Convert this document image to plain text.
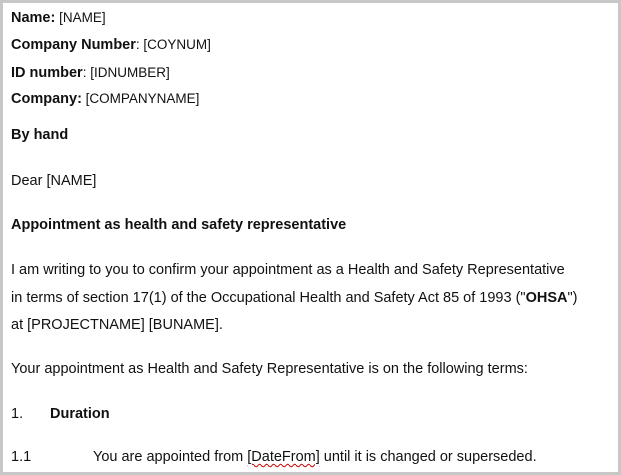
Name: [NAME]
Company Number: [COYNUM]
ID number: [IDNUMBER]
Company: [COMPANYNAME]
By hand
Dear [NAME]
Appointment as health and safety representative
I am writing to you to confirm your appointment as a Health and Safety Representative
in terms of section 17(1) of the Occupational Health and Safety Act 85 of 1993 ("OHSA")
at [PROJECTNAME] [BUNAME].
Your appointment as Health and Safety Representative is on the following terms:
1. Duration
1.1	You are appointed from [DateFrom] until it is changed or superseded.
